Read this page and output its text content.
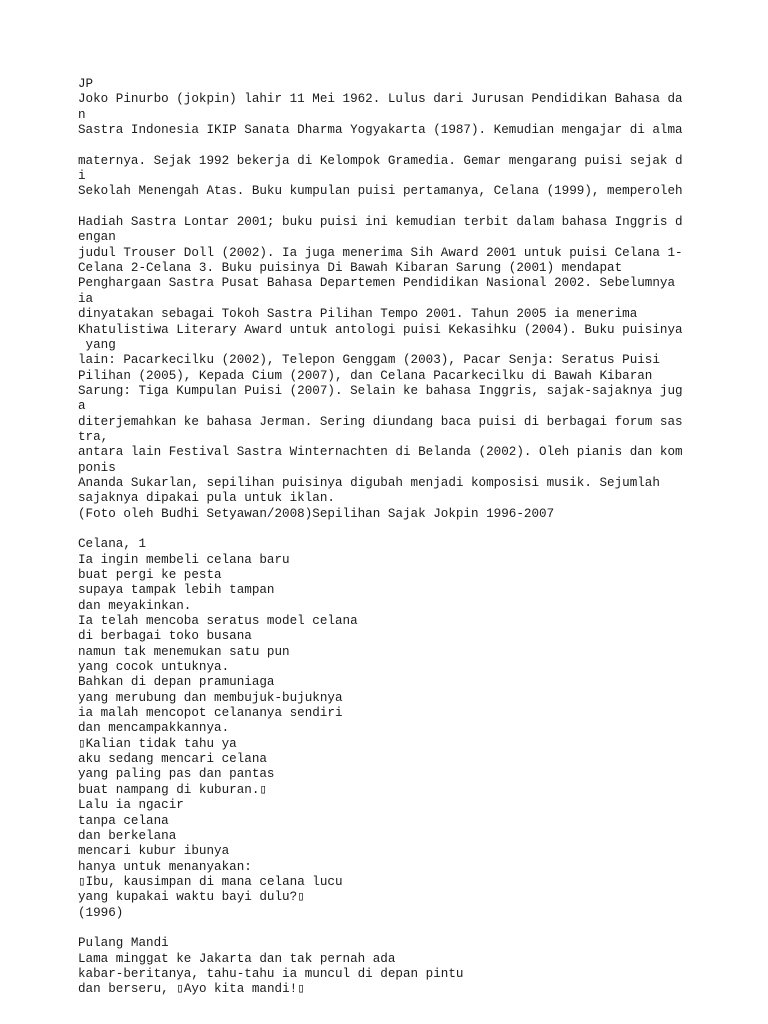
JP
Joko Pinurbo (jokpin) lahir 11 Mei 1962. Lulus dari Jurusan Pendidikan Bahasa da
n
Sastra Indonesia IKIP Sanata Dharma Yogyakarta (1987). Kemudian mengajar di alma
maternya. Sejak 1992 bekerja di Kelompok Gramedia. Gemar mengarang puisi sejak d
i
Sekolah Menengah Atas. Buku kumpulan puisi pertamanya, Celana (1999), memperoleh
Hadiah Sastra Lontar 2001; buku puisi ini kemudian terbit dalam bahasa Inggris d
engan
judul Trouser Doll (2002). Ia juga menerima Sih Award 2001 untuk puisi Celana 1-
Celana 2-Celana 3. Buku puisinya Di Bawah Kibaran Sarung (2001) mendapat
Penghargaan Sastra Pusat Bahasa Departemen Pendidikan Nasional 2002. Sebelumnya
ia
dinyatakan sebagai Tokoh Sastra Pilihan Tempo 2001. Tahun 2005 ia menerima
Khatulistiwa Literary Award untuk antologi puisi Kekasihku (2004). Buku puisinya
yang
lain: Pacarkecilku (2002), Telepon Genggam (2003), Pacar Senja: Seratus Puisi
Pilihan (2005), Kepada Cium (2007), dan Celana Pacarkecilku di Bawah Kibaran
Sarung: Tiga Kumpulan Puisi (2007). Selain ke bahasa Inggris, sajak-sajaknya jug
a
diterjemahkan ke bahasa Jerman. Sering diundang baca puisi di berbagai forum sas
tra,
antara lain Festival Sastra Winternachten di Belanda (2002). Oleh pianis dan kom
ponis
Ananda Sukarlan, sepilihan puisinya digubah menjadi komposisi musik. Sejumlah
sajaknya dipakai pula untuk iklan.
(Foto oleh Budhi Setyawan/2008)Sepilihan Sajak Jokpin 1996-2007
Celana, 1
Ia ingin membeli celana baru
buat pergi ke pesta
supaya tampak lebih tampan
dan meyakinkan.
Ia telah mencoba seratus model celana
di berbagai toko busana
namun tak menemukan satu pun
yang cocok untuknya.
Bahkan di depan pramuniaga
yang merubung dan membujuk-bujuknya
ia malah mencopot celananya sendiri
dan mencampakkannya.
▯Kalian tidak tahu ya
aku sedang mencari celana
yang paling pas dan pantas
buat nampang di kuburan.▯
Lalu ia ngacir
tanpa celana
dan berkelana
mencari kubur ibunya
hanya untuk menanyakan:
▯Ibu, kausimpan di mana celana lucu
yang kupakai waktu bayi dulu?▯
(1996)
Pulang Mandi
Lama minggat ke Jakarta dan tak pernah ada
kabar-beritanya, tahu-tahu ia muncul di depan pintu
dan berseru, ▯Ayo kita mandi!▯
